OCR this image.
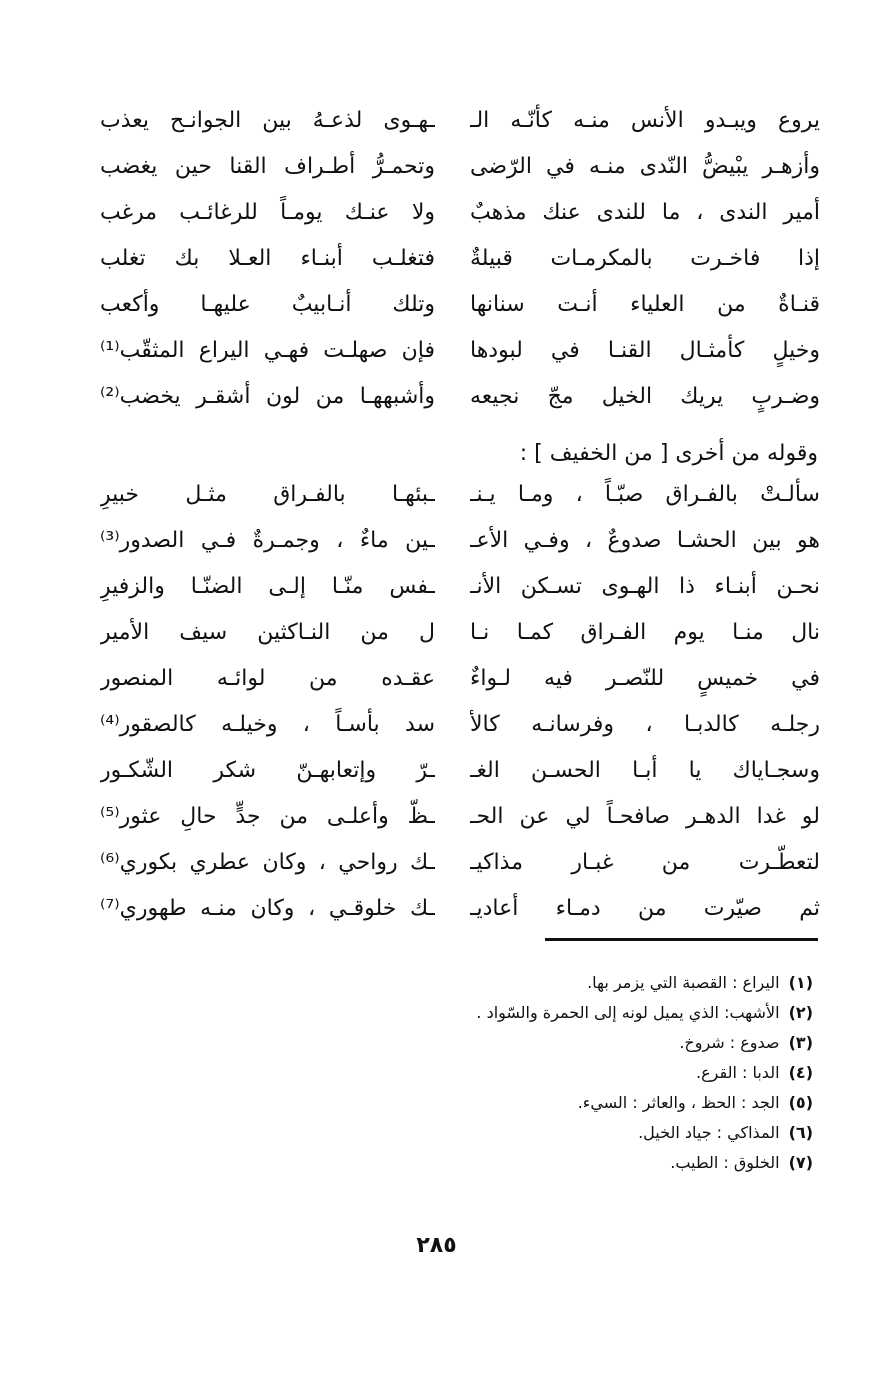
يروع ويبـدو الأنس منـه كأنّـه الـ
ـهـوى لذعـهُ بين الجوانـح يعذب
وأزهـر يبْيضُّ النّدى منـه في الرّضى
وتحمـرُّ أطـراف القنا حين يغضب
أمير الندى ، ما للندى عنك مذهبٌ
ولا عنـك يومـاً للرغائـب مرغب
إذا فاخـرت بالمكرمـات قبيلةٌ
فتغلـب أبنـاء العـلا بك تغلب
قنـاةٌ من العلياء أنـت سنانها
وتلك أنـابيبٌ عليهـا وأكعب
وخيلٍ كأمثـال القنـا في لبودها
فإن صهلـت فهـي اليراع المثقّب⁽¹⁾
وضـربٍ يريك الخيل مجّ نجيعه
وأشبههـا من لون أشقـر يخضب⁽²⁾
وقوله من أخرى [ من الخفيف ] :
سألـتْ بالفـراق صبّـاً ، ومـا يـنـ
ـبئهـا بالفـراق مثـل خبيرِ
هو بين الحشـا صدوعٌ ، وفـي الأعـ
ـين ماءٌ ، وجمـرةٌ فـي الصدور⁽³⁾
نحـن أبنـاء ذا الهـوى تسـكن الأنـ
ـفس منّـا إلـى الضنّـا والزفيرِ
نال منـا يوم الفـراق كمـا نـا
ل من النـاكثين سيف الأمير
في خميسٍ للنّصـر فيه لـواءٌ
عقـده من لوائـه المنصور
رجلـه كالدبـا ، وفرسانـه كالأ
سد بأسـاً ، وخيلـه كالصقور⁽⁴⁾
وسجـاياك يا أبـا الحسـن الغـ
ـرّ وإتعابهـنّ شكر الشّكـور
لو غدا الدهـر صافحـاً لي عن الحـ
ـظّ وأعلـى من جدٍّ حالِ عثور⁽⁵⁾
لتعطّـرت من غبـار مذاكيـ
ـك رواحي ، وكان عطري بكوري⁽⁶⁾
ثم صيّرت من دمـاء أعاديـ
ـك خلوقـي ، وكان منـه طهوري⁽⁷⁾
(١) اليراع : القصبة التي يزمر بها.
(٢) الأشهب: الذي يميل لونه إلى الحمرة والسّواد .
(٣) صدوع : شروخ.
(٤) الدبا : القرع.
(٥) الجد : الحظ ، والعاثر : السيء.
(٦) المذاكي : جياد الخيل.
(٧) الخلوق : الطيب.
٢٨٥
